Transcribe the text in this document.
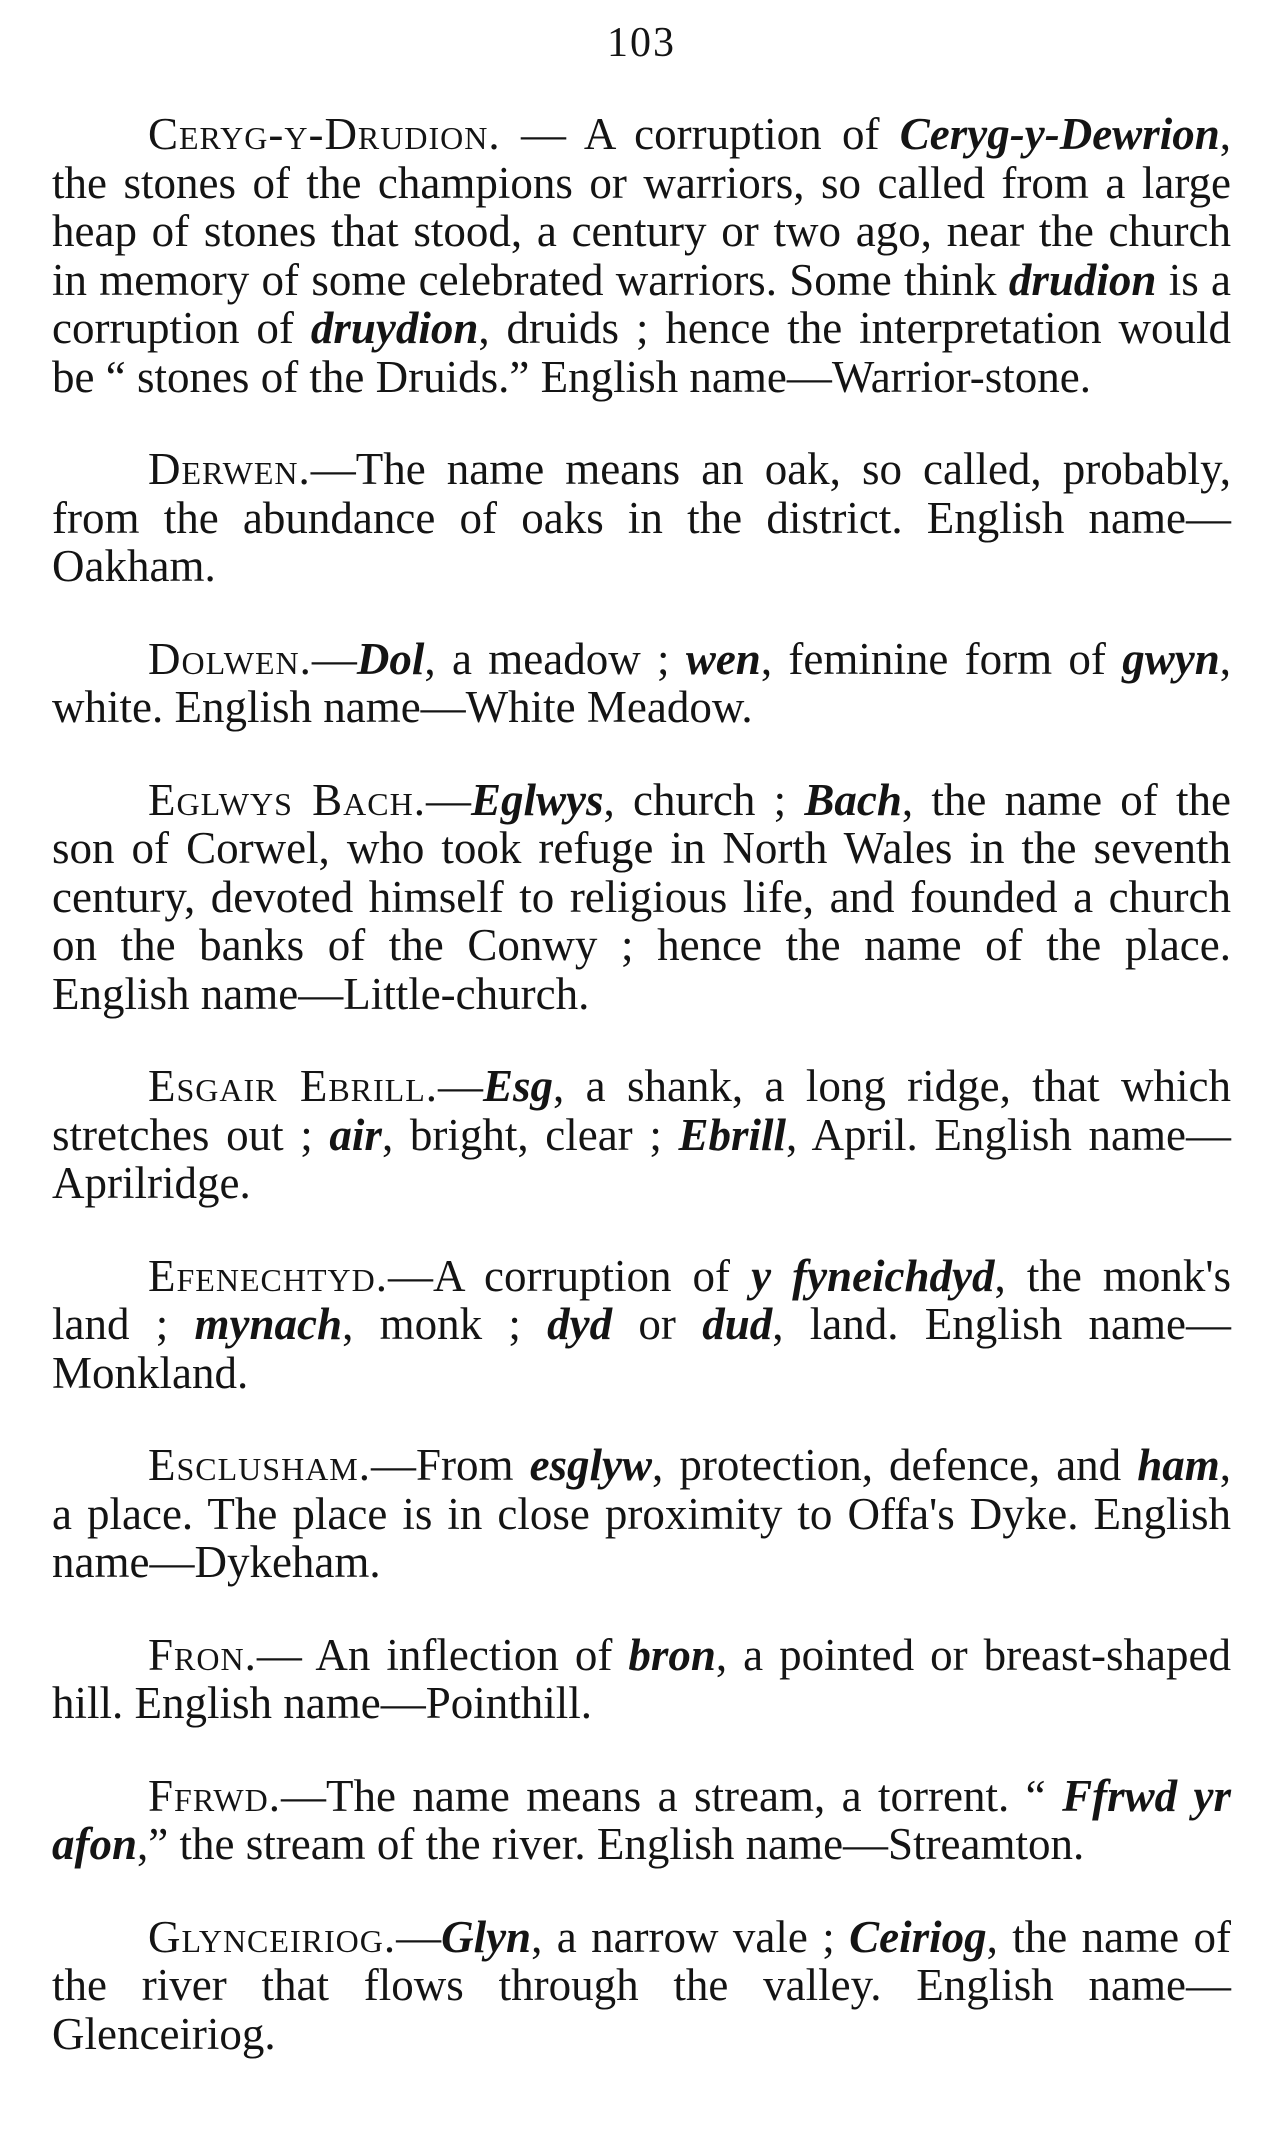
103

Ceryg-y-Drudion. — A corruption of Ceryg-y-Dewrion, the stones of the champions or warriors, so called from a large heap of stones that stood, a century or two ago, near the church in memory of some celebrated warriors. Some think drudion is a corruption of druydion, druids ; hence the interpretation would be “ stones of the Druids.” English name—Warrior-stone.

Derwen.—The name means an oak, so called, probably, from the abundance of oaks in the district. English name—Oakham.

Dolwen.—Dol, a meadow ; wen, feminine form of gwyn, white. English name—White Meadow.

Eglwys Bach.—Eglwys, church ; Bach, the name of the son of Corwel, who took refuge in North Wales in the seventh century, devoted himself to religious life, and founded a church on the banks of the Conwy ; hence the name of the place. English name—Little-church.

Esgair Ebrill.—Esg, a shank, a long ridge, that which stretches out ; air, bright, clear ; Ebrill, April. English name—Aprilridge.

Efenechtyd.—A corruption of y fyneichdyd, the monk's land ; mynach, monk ; dyd or dud, land. English name—Monkland.

Esclusham.—From esglyw, protection, defence, and ham, a place. The place is in close proximity to Offa's Dyke. English name—Dykeham.

Fron.— An inflection of bron, a pointed or breast-shaped hill. English name—Pointhill.

Ffrwd.—The name means a stream, a torrent. “ Ffrwd yr afon,” the stream of the river. English name—Streamton.

Glynceiriog.—Glyn, a narrow vale ; Ceiriog, the name of the river that flows through the valley. English name—Glenceiriog.
